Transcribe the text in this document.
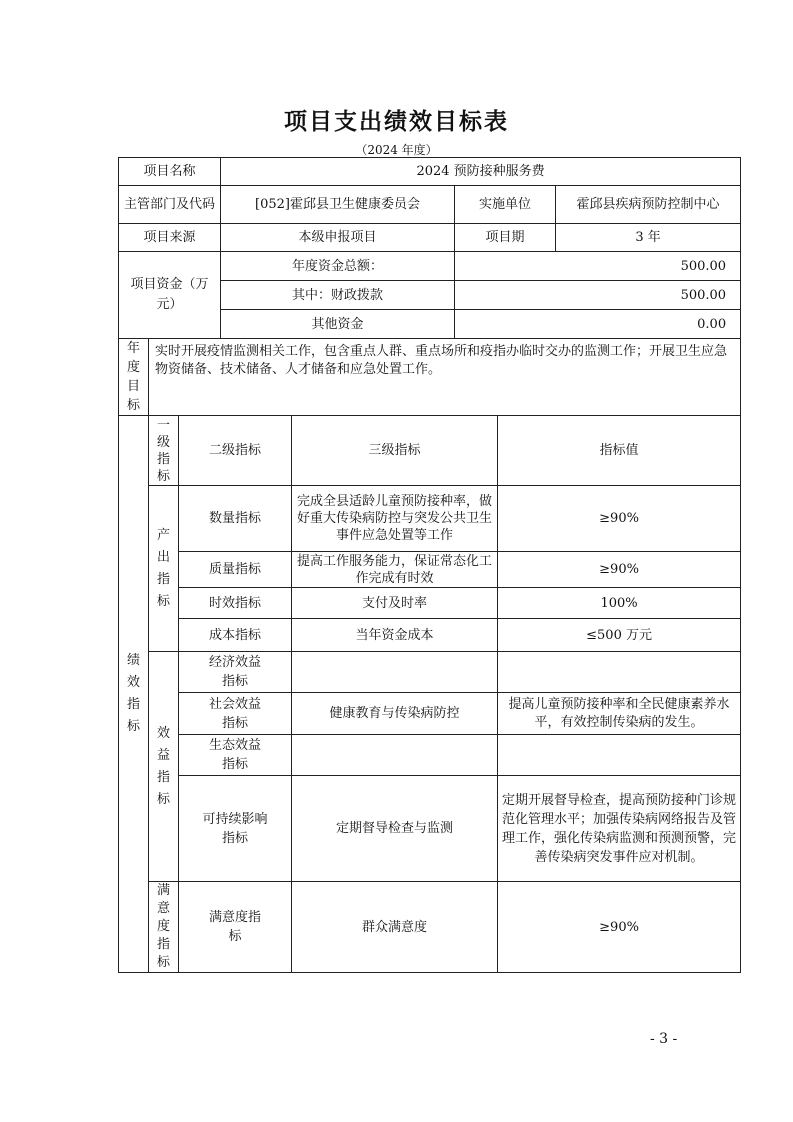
项目支出绩效目标表
（2024 年度）
项目名称			2024 预防接种服务费				
主管部门及代码			[052]霍邱县卫生健康委员会		实施单位		霍邱县疾病预防控制中心
项目来源			本级申报项目		项目期		3 年

项目资金（万元）			年度资金总额：		500.00		
			其中：财政拨款		500.00		
			其他资金		0.00		

年度目标	实时开展疫情监测相关工作，包含重点人群、重点场所和疫指办临时交办的监测工作；开展卫生应急物资储备、技术储备、人才储备和应急处置工作。						

绩效指标	一级指标	二级指标		三级指标		指标值	

	产出指标	数量指标		完成全县适龄儿童预防接种率，做好重大传染病防控与突发公共卫生事件应急处置等工作		≥90%	
		质量指标		提高工作服务能力，保证常态化工作完成有时效		≥90%	
		时效指标		支付及时率		100%	
		成本指标		当年资金成本		≤500 万元	

	效益指标	经济效益指标					

		社会效益指标		健康教育与传染病防控		提高儿童预防接种率和全民健康素养水平，有效控制传染病的发生。	

		生态效益指标					

		可持续影响指标		定期督导检查与监测		定期开展督导检查，提高预防接种门诊规范化管理水平；加强传染病网络报告及管理工作，强化传染病监测和预测预警，完善传染病突发事件应对机制。	

	满意度指标	满意度指标		群众满意度		≥90%	
- 3 -
